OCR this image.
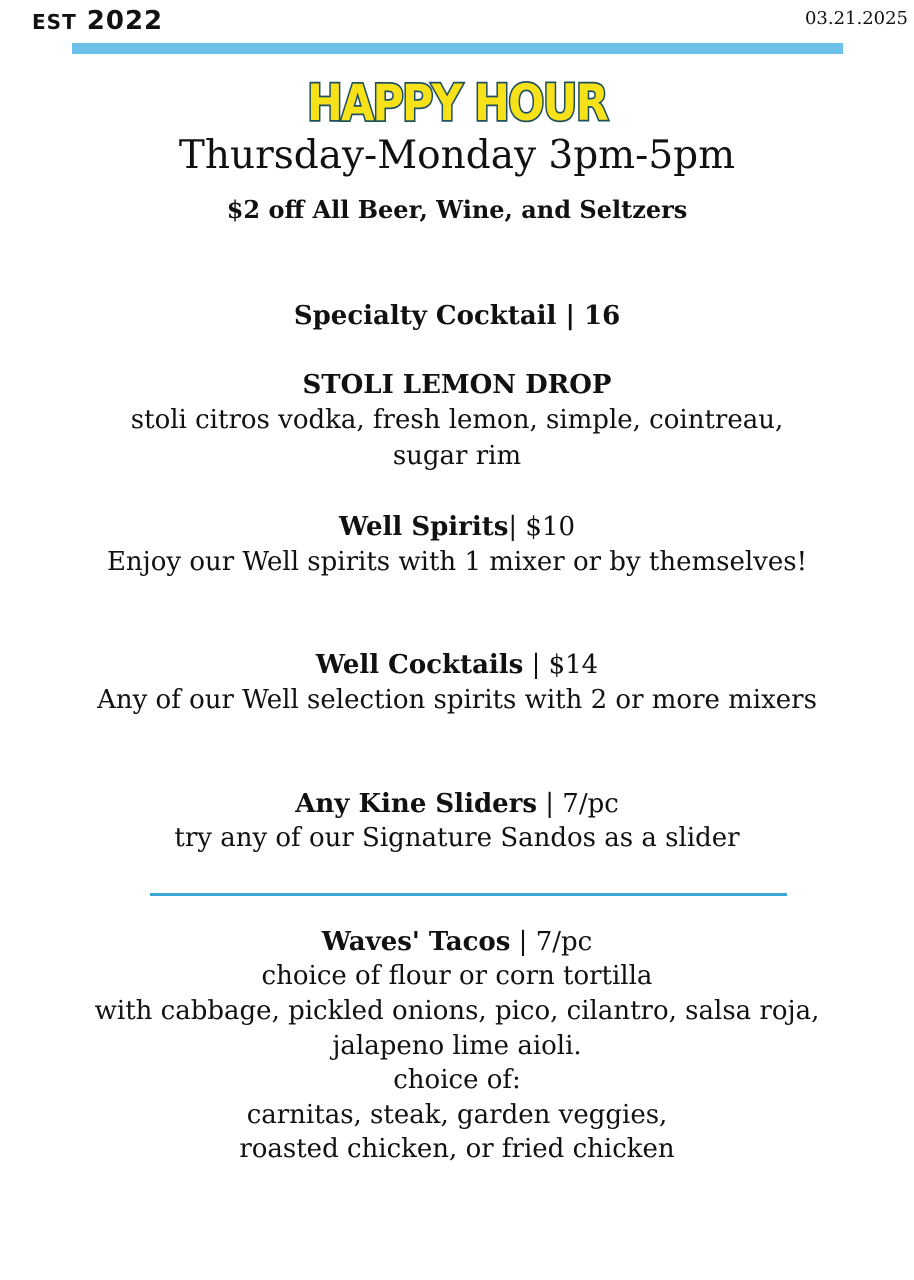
EST 2022	03.21.2025
HAPPY HOUR
Thursday-Monday 3pm-5pm
$2 off All Beer, Wine, and Seltzers
Specialty Cocktail | 16
STOLI LEMON DROP
stoli citros vodka, fresh lemon, simple, cointreau,
sugar rim
Well Spirits| $10
Enjoy our Well spirits with 1 mixer or by themselves!
Well Cocktails | $14
Any of our Well selection spirits with 2 or more mixers
Any Kine Sliders | 7/pc
try any of our Signature Sandos as a slider
Waves' Tacos | 7/pc
choice of flour or corn tortilla
with cabbage, pickled onions, pico, cilantro, salsa roja,
jalapeno lime aioli.
choice of:
carnitas, steak, garden veggies,
roasted chicken, or fried chicken
